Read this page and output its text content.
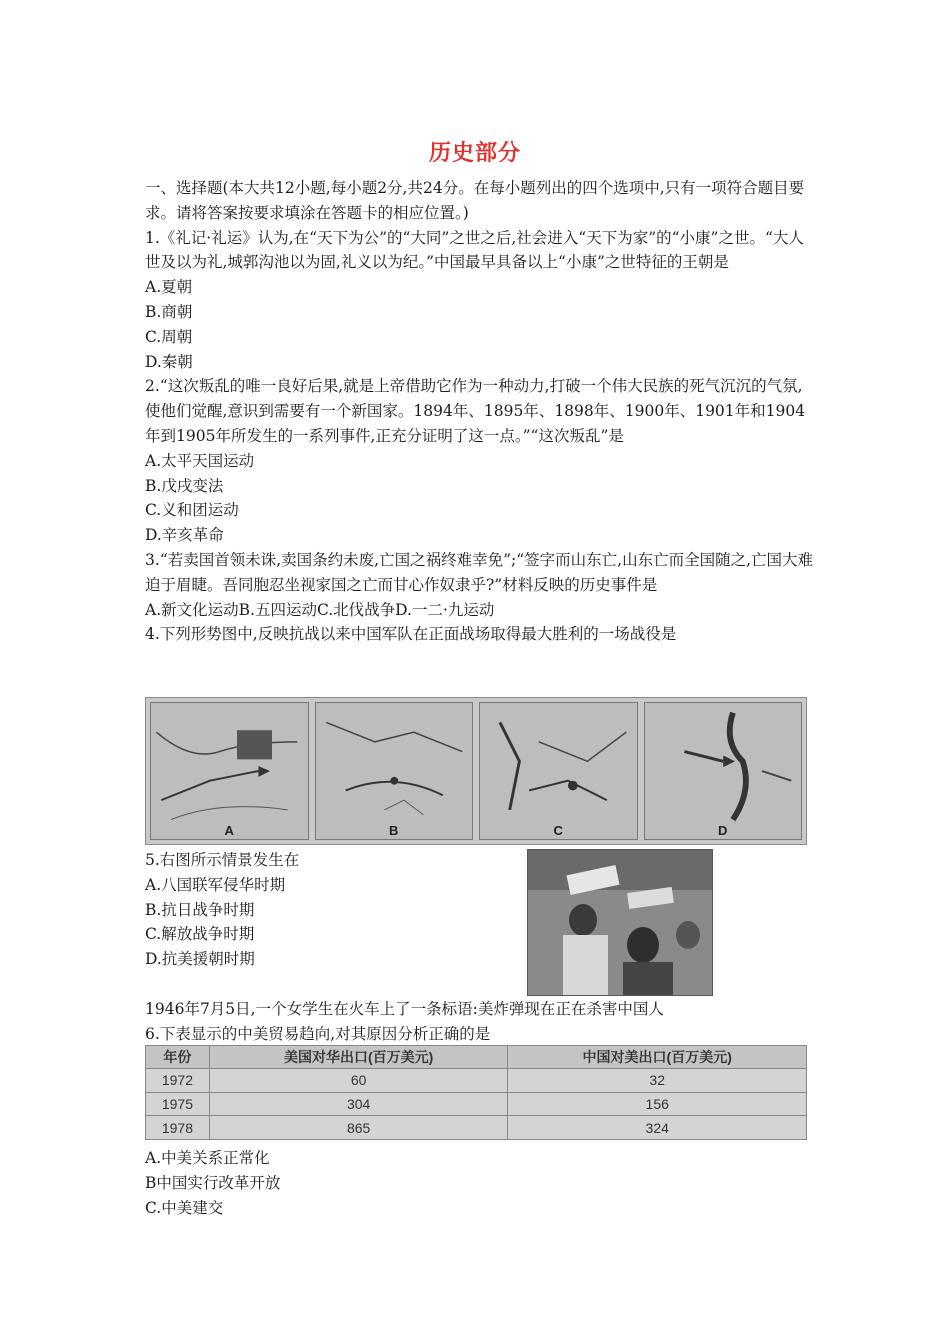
历史部分

一、选择题(本大共12小题,每小题2分,共24分。在每小题列出的四个选项中,只有一项符合题目要求。请将答案按要求填涂在答题卡的相应位置。)

1.《礼记·礼运》认为,在“天下为公”的“大同”之世之后,社会进入“天下为家”的“小康”之世。“大人世及以为礼,城郭沟池以为固,礼义以为纪。”中国最早具备以上“小康”之世特征的王朝是

A.夏朝

B.商朝

C.周朝

D.秦朝

2.“这次叛乱的唯一良好后果,就是上帝借助它作为一种动力,打破一个伟大民族的死气沉沉的气氛,使他们觉醒,意识到需要有一个新国家。1894年、1895年、1898年、1900年、1901年和1904年到1905年所发生的一系列事件,正充分证明了这一点。”“这次叛乱”是

A.太平天国运动

B.戊戌变法

C.义和团运动

D.辛亥革命

3.“若卖国首领未诛,卖国条约未废,亡国之祸终难幸免”;“签字而山东亡,山东亡而全国随之,亡国大难迫于眉睫。吾同胞忍坐视家国之亡而甘心作奴隶乎?”材料反映的历史事件是

A.新文化运动B.五四运动C.北伐战争D.一二·九运动

4.下列形势图中,反映抗战以来中国军队在正面战场取得最大胜利的一场战役是

A	B	C	D

5.右图所示情景发生在

A.八国联军侵华时期

B.抗日战争时期

C.解放战争时期

D.抗美援朝时期

1946年7月5日,一个女学生在火车上了一条标语:美炸弹现在正在杀害中国人

6.下表显示的中美贸易趋向,对其原因分析正确的是

年份	美国对华出口(百万美元)	中国对美出口(百万美元)
1972	60	32
1975	304	156
1978	865	324

A.中美关系正常化

B中国实行改革开放

C.中美建交
